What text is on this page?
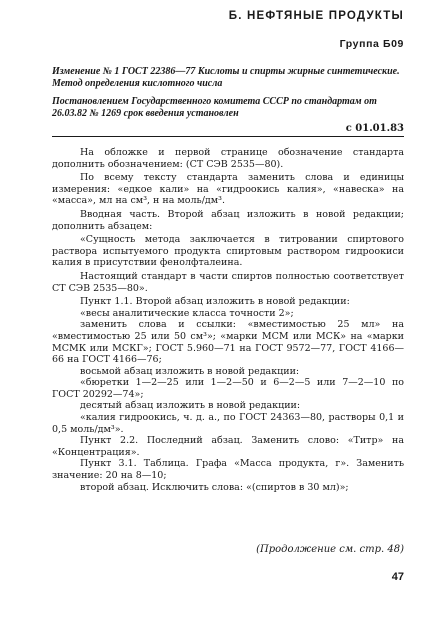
Б. НЕФТЯНЫЕ ПРОДУКТЫ
Группа Б09
Изменение № 1 ГОСТ 22386—77 Кислоты и спирты жирные синтетические. Метод определения кислотного числа
Постановлением Государственного комитета СССР по стандартам от 26.03.82 № 1269 срок введения установлен
с 01.01.83

На обложке и первой странице обозначение стандарта дополнить обозначением: (СТ СЭВ 2535—80).

По всему тексту стандарта заменить слова и единицы измерения: «едкое кали» на «гидроокись калия», «навеска» на «масса», мл на см³, н на моль/дм³.

Вводная часть. Второй абзац изложить в новой редакции; дополнить абзацем:

«Сущность метода заключается в титровании спиртового раствора испытуемого продукта спиртовым раствором гидроокиси калия в присутствии фенолфталеина.

Настоящий стандарт в части спиртов полностью соответствует СТ СЭВ 2535—80».

Пункт 1.1. Второй абзац изложить в новой редакции:

«весы аналитические класса точности 2»;

заменить слова и ссылки: «вместимостью 25 мл» на «вместимостью 25 или 50 см³»; «марки МСМ или МСК» на «марки МСМК или МСКГ»; ГОСТ 5.960—71 на ГОСТ 9572—77, ГОСТ 4166—66 на ГОСТ 4166—76;

восьмой абзац изложить в новой редакции:

«бюретки 1—2—25 или 1—2—50 и 6—2—5 или 7—2—10 по ГОСТ 20292—74»;

десятый абзац изложить в новой редакции:

«калия гидроокись, ч. д. а., по ГОСТ 24363—80, растворы 0,1 и 0,5 моль/дм³».

Пункт 2.2. Последний абзац. Заменить слово: «Титр» на «Концентрация».

Пункт 3.1. Таблица. Графа «Масса продукта, г». Заменить значение: 20 на 8—10;

второй абзац. Исключить слова: «(спиртов в 30 мл)»;

(Продолжение см. стр. 48)
47
